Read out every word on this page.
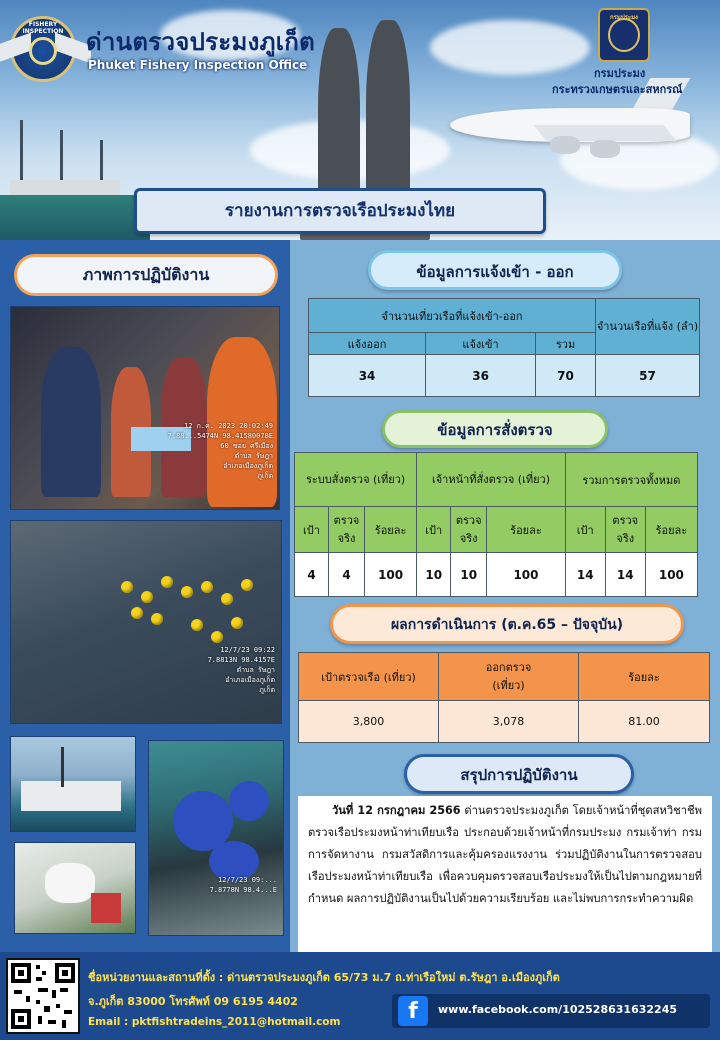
FISHERY INSPECTION ด่านตรวจประมงภูเก็ต
Phuket Fishery Inspection Office
กรมประมง
กรมประมง
กระทรวงเกษตรและสหกรณ์
รายงานการตรวจเรือประมงไทย
ภาพการปฏิบัติงาน
12 ก.ค. 2023 20:02:49
7.88...5474N 98.41580078E
60 ซอย ศรีเมือง
ตำบล รัษฎา
อำเภอเมืองภูเก็ต
ภูเก็ต
12/7/23 09:22
7.8813N 98.4157E
ตำบล รัษฎา
อำเภอเมืองภูเก็ต
ภูเก็ต
12/7/23 09:...
7.8778N 98.4...E
ข้อมูลการแจ้งเข้า - ออก
จำนวนเที่ยวเรือที่แจ้งเข้า-ออก			จำนวนเรือที่แจ้ง (ลำ)
แจ้งออก	แจ้งเข้า	รวม	
34	36	70	57
ข้อมูลการสั่งตรวจ
ระบบสั่งตรวจ (เที่ยว)			เจ้าหน้าที่สั่งตรวจ (เที่ยว)			รวมการตรวจทั้งหมด		
เป้า	ตรวจจริง	ร้อยละ	เป้า	ตรวจจริง	ร้อยละ	เป้า	ตรวจจริง	ร้อยละ
4	4	100	10	10	100	14	14	100
ผลการดำเนินการ (ต.ค.65 – ปัจจุบัน)
เป้าตรวจเรือ (เที่ยว)	ออกตรวจ (เที่ยว)	ร้อยละ
3,800	3,078	81.00
สรุปการปฏิบัติงาน
วันที่ 12 กรกฎาคม 2566 ด่านตรวจประมงภูเก็ต โดยเจ้าหน้าที่ชุดสหวิชาชีพตรวจเรือประมงหน้าท่าเทียบเรือ ประกอบด้วยเจ้าหน้าที่กรมประมง กรมเจ้าท่า กรมการจัดหางาน กรมสวัสดิการและคุ้มครองแรงงาน ร่วมปฏิบัติงานในการตรวจสอบเรือประมงหน้าท่าเทียบเรือ เพื่อควบคุมตรวจสอบเรือประมงให้เป็นไปตามกฎหมายที่กำหนด ผลการปฏิบัติงานเป็นไปด้วยความเรียบร้อย และไม่พบการกระทำความผิด
ชื่อหน่วยงานและสถานที่ตั้ง : ด่านตรวจประมงภูเก็ต 65/73 ม.7 ถ.ท่าเรือใหม่ ต.รัษฎา อ.เมืองภูเก็ต
จ.ภูเก็ต 83000 โทรศัพท์ 09 6195 4402
Email : pktfishtradeins_2011@hotmail.com	f	www.facebook.com/102528631632245
